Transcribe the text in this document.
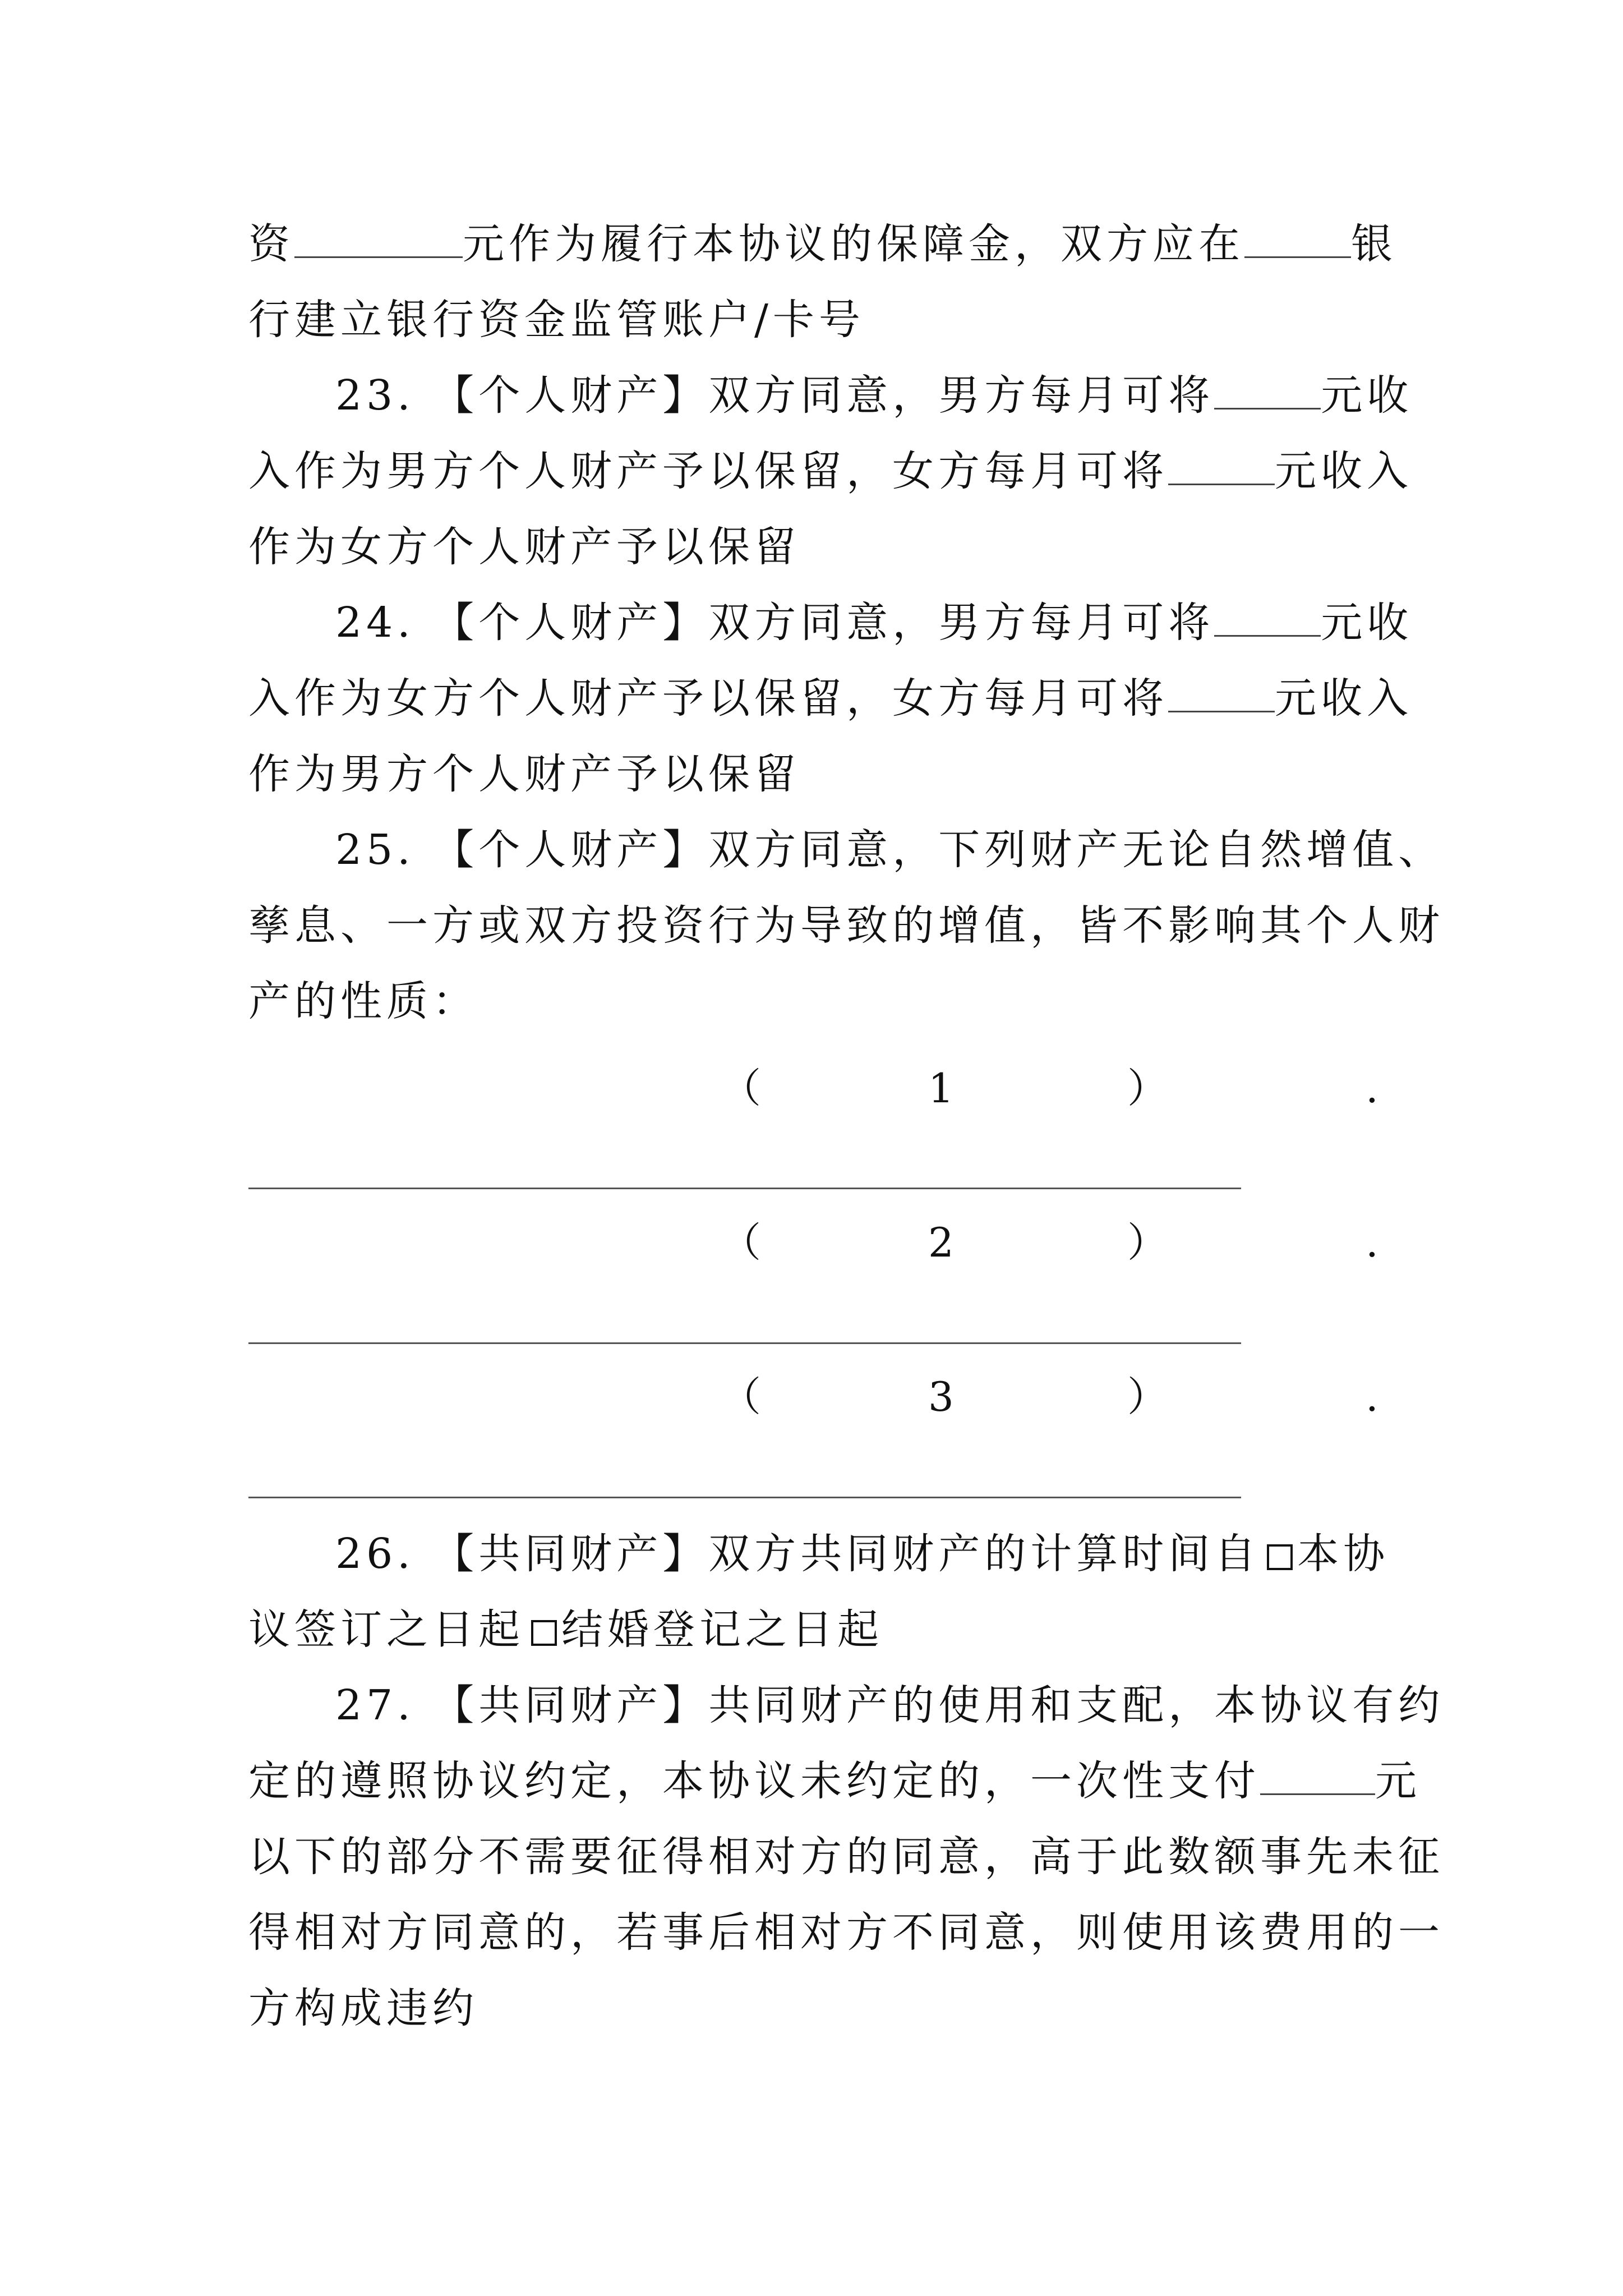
资	元作为履行本协议的保障金，双方应在	银
行建立银行资金监管账户/卡号
23. 【个人财产】双方同意，男方每月可将	元收
入作为男方个人财产予以保留，女方每月可将	元收入
作为女方个人财产予以保留
24. 【个人财产】双方同意，男方每月可将	元收
入作为女方个人财产予以保留，女方每月可将	元收入
作为男方个人财产予以保留
25. 【个人财产】双方同意，下列财产无论自然增值、
孳息、一方或双方投资行为导致的增值，皆不影响其个人财
产的性质：
（	1	）	.
（	2	）	.
（	3	）	.
26. 【共同财产】双方共同财产的计算时间自 本协
议签订之日起 结婚登记之日起
27. 【共同财产】共同财产的使用和支配，本协议有约
定的遵照协议约定，本协议未约定的，一次性支付	元
以下的部分不需要征得相对方的同意，高于此数额事先未征
得相对方同意的，若事后相对方不同意，则使用该费用的一
方构成违约
